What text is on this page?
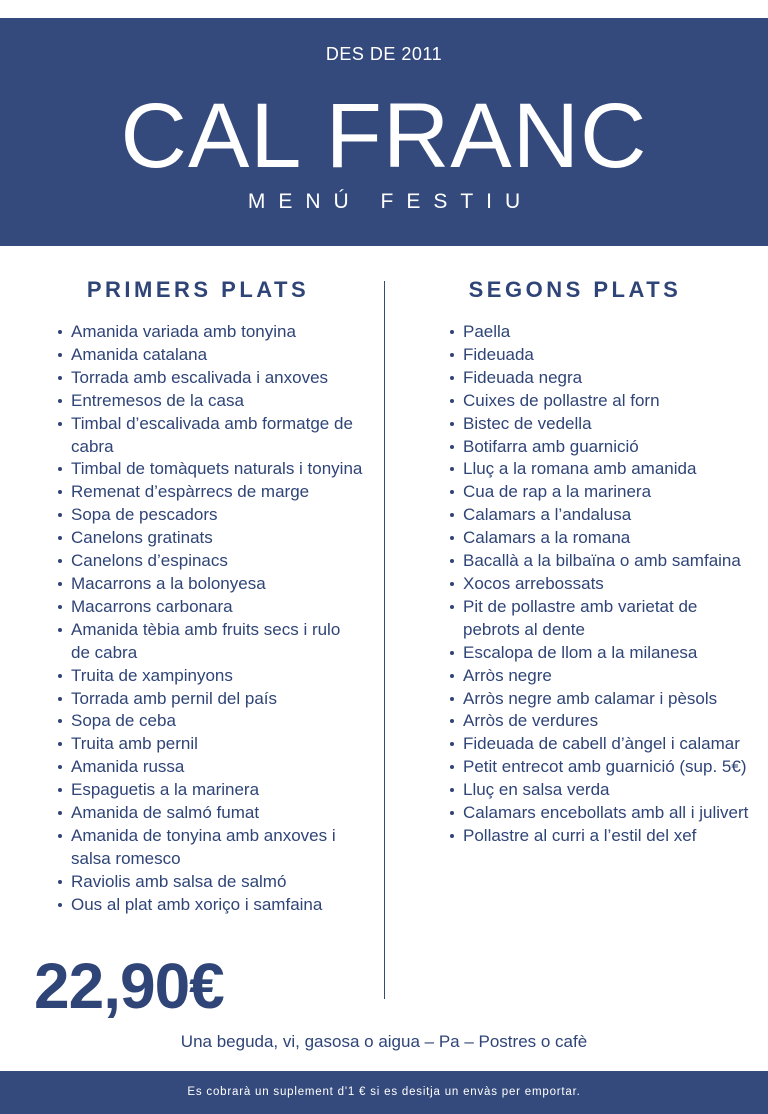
DES DE 2011
CAL FRANC
MENÚ FESTIU
PRIMERS PLATS	SEGONS PLATS
Amanida variada amb tonyina
Amanida catalana
Torrada amb escalivada i anxoves
Entremesos de la casa
Timbal d’escalivada amb formatge de cabra
Timbal de tomàquets naturals i tonyina
Remenat d’espàrrecs de marge
Sopa de pescadors
Canelons gratinats
Canelons d’espinacs
Macarrons a la bolonyesa
Macarrons carbonara
Amanida tèbia amb fruits secs i rulo de cabra
Truita de xampinyons
Torrada amb pernil del país
Sopa de ceba
Truita amb pernil
Amanida russa
Espaguetis a la marinera
Amanida de salmó fumat
Amanida de tonyina amb anxoves i salsa romesco
Raviolis amb salsa de salmó
Ous al plat amb xoriço i samfaina
Paella
Fideuada
Fideuada negra
Cuixes de pollastre al forn
Bistec de vedella
Botifarra amb guarnició
Lluç a la romana amb amanida
Cua de rap a la marinera
Calamars a l’andalusa
Calamars a la romana
Bacallà a la bilbaïna o amb samfaina
Xocos arrebossats
Pit de pollastre amb varietat de pebrots al dente
Escalopa de llom a la milanesa
Arròs negre
Arròs negre amb calamar i pèsols
Arròs de verdures
Fideuada de cabell d’àngel i calamar
Petit entrecot amb guarnició (sup. 5€)
Lluç en salsa verda
Calamars encebollats amb all i julivert
Pollastre al curri a l’estil del xef
22,90€
Una beguda, vi, gasosa o aigua – Pa – Postres o cafè
Es cobrarà un suplement d'1 € si es desitja un envàs per emportar.
